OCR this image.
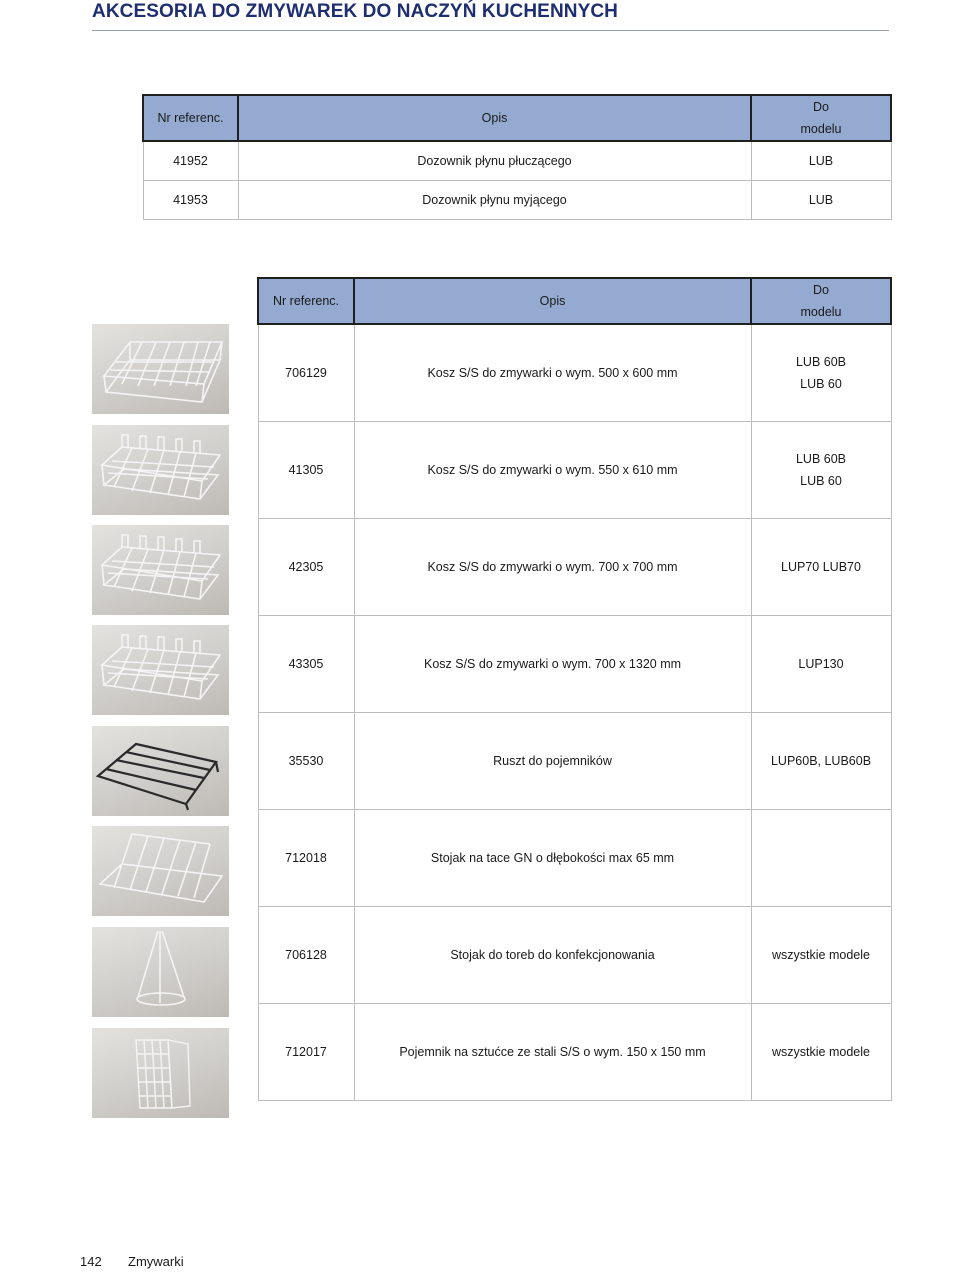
AKCESORIA DO ZMYWAREK DO NACZYŃ KUCHENNYCH
Nr referenc.	Opis	Do
modelu
41952	Dozownik płynu płuczącego	LUB
41953	Dozownik płynu myjącego	LUB
Nr referenc.	Opis	Do
modelu
706129	Kosz S/S do zmywarki o wym. 500 x 600 mm	LUB 60B
LUB 60
41305	Kosz S/S do zmywarki o wym. 550 x 610 mm	LUB 60B
LUB 60
42305	Kosz S/S do zmywarki o wym. 700 x 700 mm	LUP70 LUB70
43305	Kosz S/S do zmywarki o wym. 700 x 1320 mm	LUP130
35530	Ruszt do pojemników	LUP60B, LUB60B
712018	Stojak na tace GN o dłębokości max 65 mm	
706128	Stojak do toreb do konfekcjonowania	wszystkie modele
712017	Pojemnik na sztućce ze stali S/S o wym. 150 x 150 mm	wszystkie modele
142 Zmywarki
